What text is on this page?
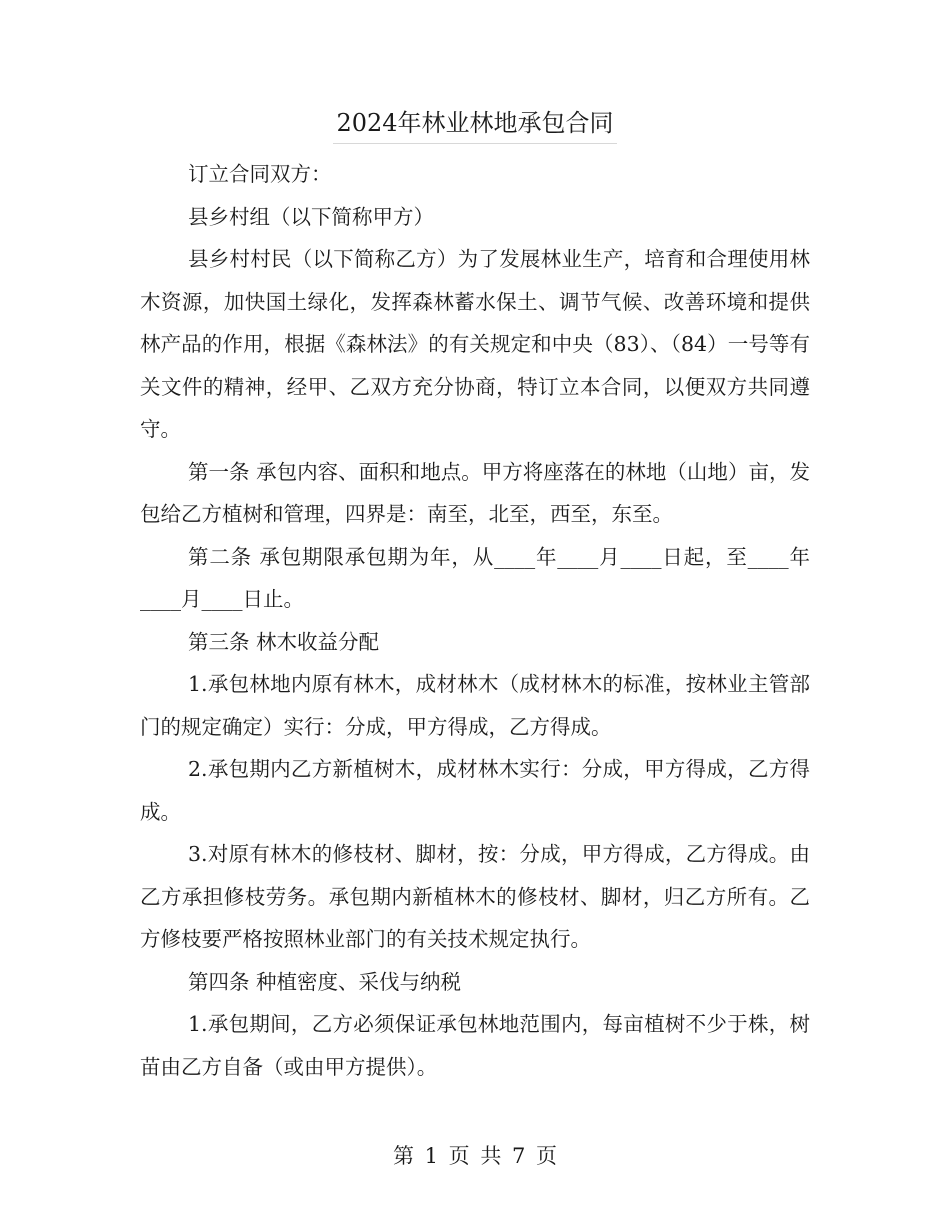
2024年林业林地承包合同

订立合同双方：

县乡村组（以下简称甲方）

县乡村村民（以下简称乙方）为了发展林业生产，培育和合理使用林木资源，加快国土绿化，发挥森林蓄水保土、调节气候、改善环境和提供林产品的作用，根据《森林法》的有关规定和中央（83）、（84）一号等有关文件的精神，经甲、乙双方充分协商，特订立本合同，以便双方共同遵守。

第一条 承包内容、面积和地点。甲方将座落在的林地（山地）亩，发包给乙方植树和管理，四界是：南至，北至，西至，东至。

第二条 承包期限承包期为年，从____年____月____日起，至____年____月____日止。

第三条 林木收益分配

1.承包林地内原有林木，成材林木（成材林木的标准，按林业主管部门的规定确定）实行：分成，甲方得成，乙方得成。

2.承包期内乙方新植树木，成材林木实行：分成，甲方得成，乙方得成。

3.对原有林木的修枝材、脚材，按：分成，甲方得成，乙方得成。由乙方承担修枝劳务。承包期内新植林木的修枝材、脚材，归乙方所有。乙方修枝要严格按照林业部门的有关技术规定执行。

第四条 种植密度、采伐与纳税

1.承包期间，乙方必须保证承包林地范围内，每亩植树不少于株，树苗由乙方自备（或由甲方提供）。

第 1 页 共 7 页
